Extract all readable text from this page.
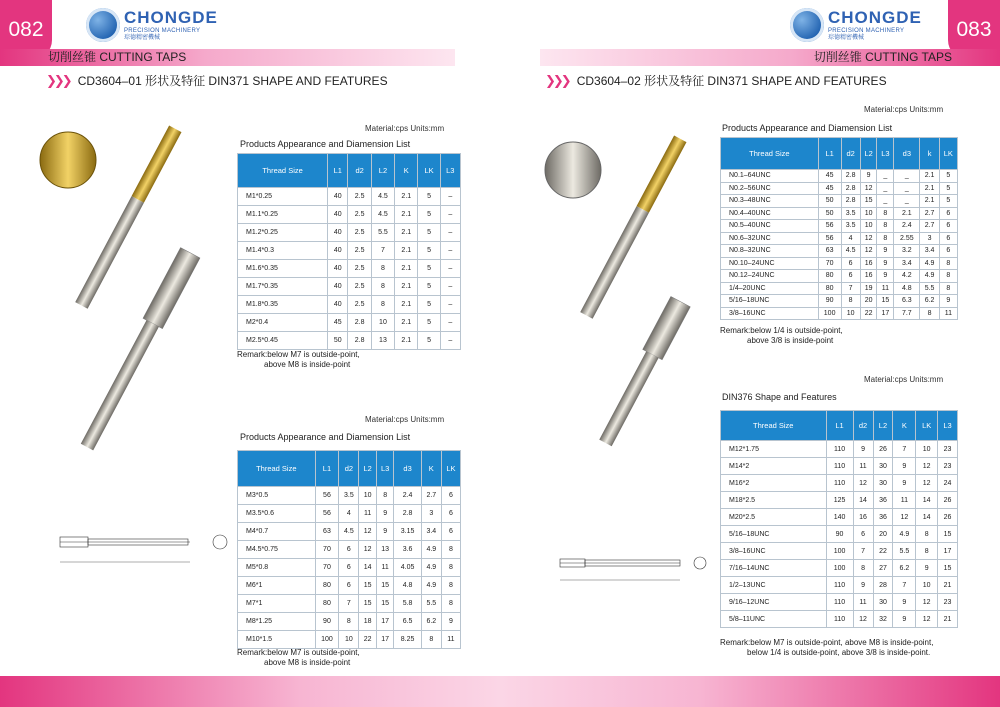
082
CHONGDE
PRECISION MACHINERY
琮德精密機械
切削丝锥 CUTTING TAPS
❯❯❯ CD3604–01 形状及特征 DIN371 SHAPE AND FEATURES
Material:cps Units:mm
Products Appearance and Diamension List
Thread Size	L1	d2	L2	K	LK	L3
M1*0.25	40	2.5	4.5	2.1	5	–
M1.1*0.25	40	2.5	4.5	2.1	5	–
M1.2*0.25	40	2.5	5.5	2.1	5	–
M1.4*0.3	40	2.5	7	2.1	5	–
M1.6*0.35	40	2.5	8	2.1	5	–
M1.7*0.35	40	2.5	8	2.1	5	–
M1.8*0.35	40	2.5	8	2.1	5	–
M2*0.4	45	2.8	10	2.1	5	–
M2.5*0.45	50	2.8	13	2.1	5	–
Remark:below M7 is outside-point,
above M8 is inside-point
Material:cps Units:mm
Products Appearance and Diamension List
Thread Size	L1	d2	L2	L3	d3	K	LK
M3*0.5	56	3.5	10	8	2.4	2.7	6
M3.5*0.6	56	4	11	9	2.8	3	6
M4*0.7	63	4.5	12	9	3.15	3.4	6
M4.5*0.75	70	6	12	13	3.6	4.9	8
M5*0.8	70	6	14	11	4.05	4.9	8
M6*1	80	6	15	15	4.8	4.9	8
M7*1	80	7	15	15	5.8	5.5	8
M8*1.25	90	8	18	17	6.5	6.2	9
M10*1.5	100	10	22	17	8.25	8	11
Remark:below M7 is outside-point,
above M8 is inside-point
083
CHONGDE
PRECISION MACHINERY
琮德精密機械
切削丝锥 CUTTING TAPS
❯❯❯ CD3604–02 形状及特征 DIN371 SHAPE AND FEATURES
Material:cps Units:mm
Products Appearance and Diamension List
Thread Size	L1	d2	L2	L3	d3	k	LK
N0.1–64UNC	45	2.8	9	_	_	2.1	5
N0.2–56UNC	45	2.8	12	_	_	2.1	5
N0.3–48UNC	50	2.8	15	_	_	2.1	5
N0.4–40UNC	50	3.5	10	8	2.1	2.7	6
N0.5–40UNC	56	3.5	10	8	2.4	2.7	6
N0.6–32UNC	56	4	12	8	2.55	3	6
N0.8–32UNC	63	4.5	12	9	3.2	3.4	6
N0.10–24UNC	70	6	16	9	3.4	4.9	8
N0.12–24UNC	80	6	16	9	4.2	4.9	8
1/4–20UNC	80	7	19	11	4.8	5.5	8
5/16–18UNC	90	8	20	15	6.3	6.2	9
3/8–16UNC	100	10	22	17	7.7	8	11
Remark:below 1/4 is outside-point,
above 3/8 is inside-point
Material:cps Units:mm
DIN376 Shape and Features
Thread Size	L1	d2	L2	K	LK	L3
M12*1.75	110	9	26	7	10	23
M14*2	110	11	30	9	12	23
M16*2	110	12	30	9	12	24
M18*2.5	125	14	36	11	14	26
M20*2.5	140	16	36	12	14	26
5/16–18UNC	90	6	20	4.9	8	15
3/8–16UNC	100	7	22	5.5	8	17
7/16–14UNC	100	8	27	6.2	9	15
1/2–13UNC	110	9	28	7	10	21
9/16–12UNC	110	11	30	9	12	23
5/8–11UNC	110	12	32	9	12	21
Remark:below M7 is outside-point, above M8 is inside-point,
below 1/4 is outside-point, above 3/8 is inside-point.
